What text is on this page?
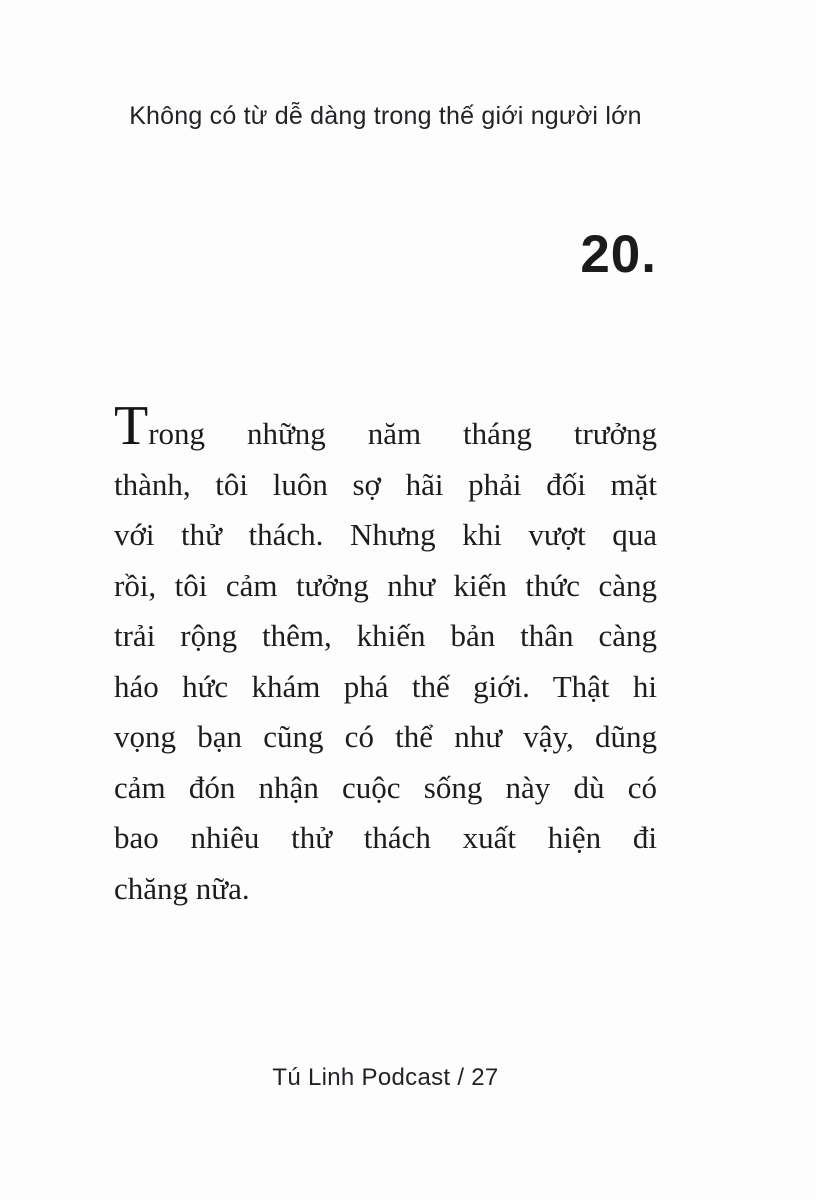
Không có từ dễ dàng trong thế giới người lớn
20.
Trong những năm tháng trưởng
thành, tôi luôn sợ hãi phải đối mặt
với thử thách. Nhưng khi vượt qua
rồi, tôi cảm tưởng như kiến thức càng
trải rộng thêm, khiến bản thân càng
háo hức khám phá thế giới. Thật hi
vọng bạn cũng có thể như vậy, dũng
cảm đón nhận cuộc sống này dù có
bao nhiêu thử thách xuất hiện đi
chăng nữa.
Tú Linh Podcast / 27
